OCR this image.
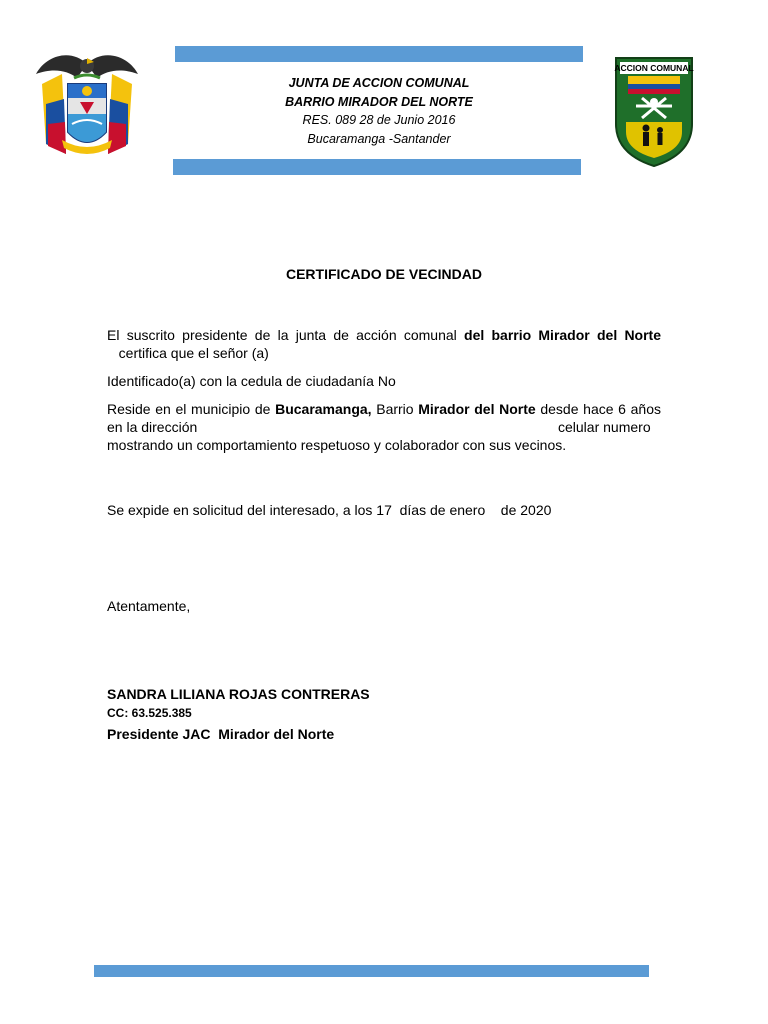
JUNTA DE ACCION COMUNAL
BARRIO MIRADOR DEL NORTE
RES. 089 28 de Junio 2016
Bucaramanga -Santander
ACCION COMUNAL
CERTIFICADO DE VECINDAD
El suscrito presidente de la junta de acción comunal del barrio Mirador del Norte   certifica que el señor (a)
Identificado(a) con la cedula de ciudadanía No
Reside en el municipio de Bucaramanga, Barrio Mirador del Norte desde hace 6 años en la dirección	celular numero
mostrando un comportamiento respetuoso y colaborador con sus vecinos.
Se expide en solicitud del interesado, a los 17  días de enero    de 2020
Atentamente,
SANDRA LILIANA ROJAS CONTRERAS
CC: 63.525.385
Presidente JAC  Mirador del Norte
